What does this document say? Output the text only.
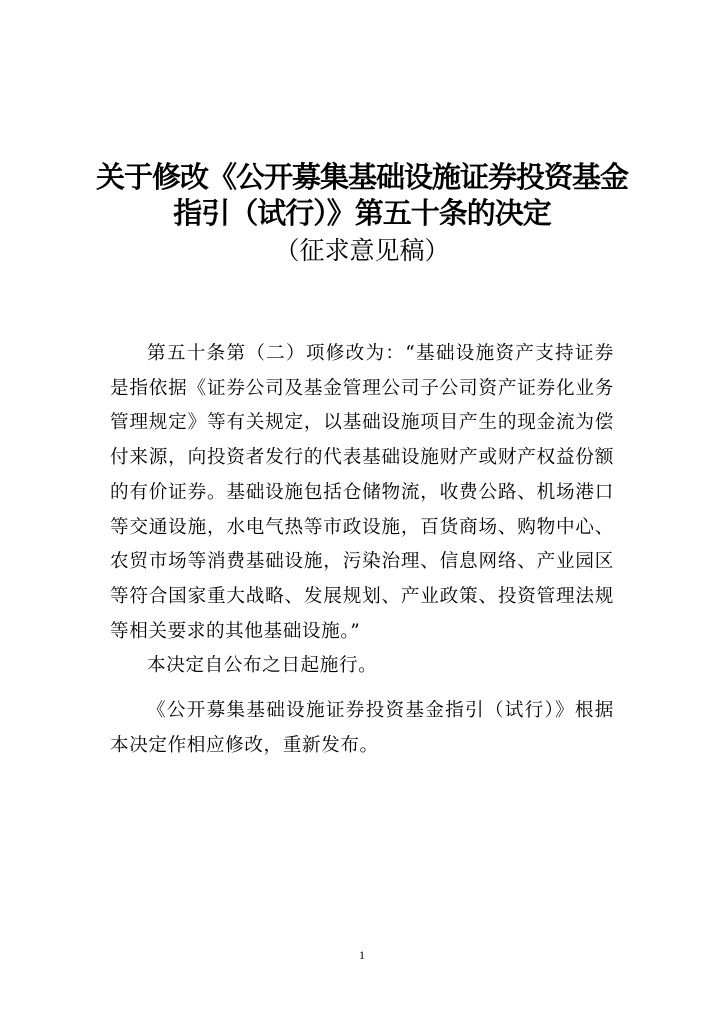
关于修改《公开募集基础设施证券投资基金
指引（试行）》第五十条的决定
（征求意见稿）

第五十条第（二）项修改为：“基础设施资产支持证券是指依据《证券公司及基金管理公司子公司资产证券化业务管理规定》等有关规定，以基础设施项目产生的现金流为偿付来源，向投资者发行的代表基础设施财产或财产权益份额的有价证券。基础设施包括仓储物流，收费公路、机场港口等交通设施，水电气热等市政设施，百货商场、购物中心、农贸市场等消费基础设施，污染治理、信息网络、产业园区等符合国家重大战略、发展规划、产业政策、投资管理法规等相关要求的其他基础设施。”

本决定自公布之日起施行。

《公开募集基础设施证券投资基金指引（试行）》根据本决定作相应修改，重新发布。

1
